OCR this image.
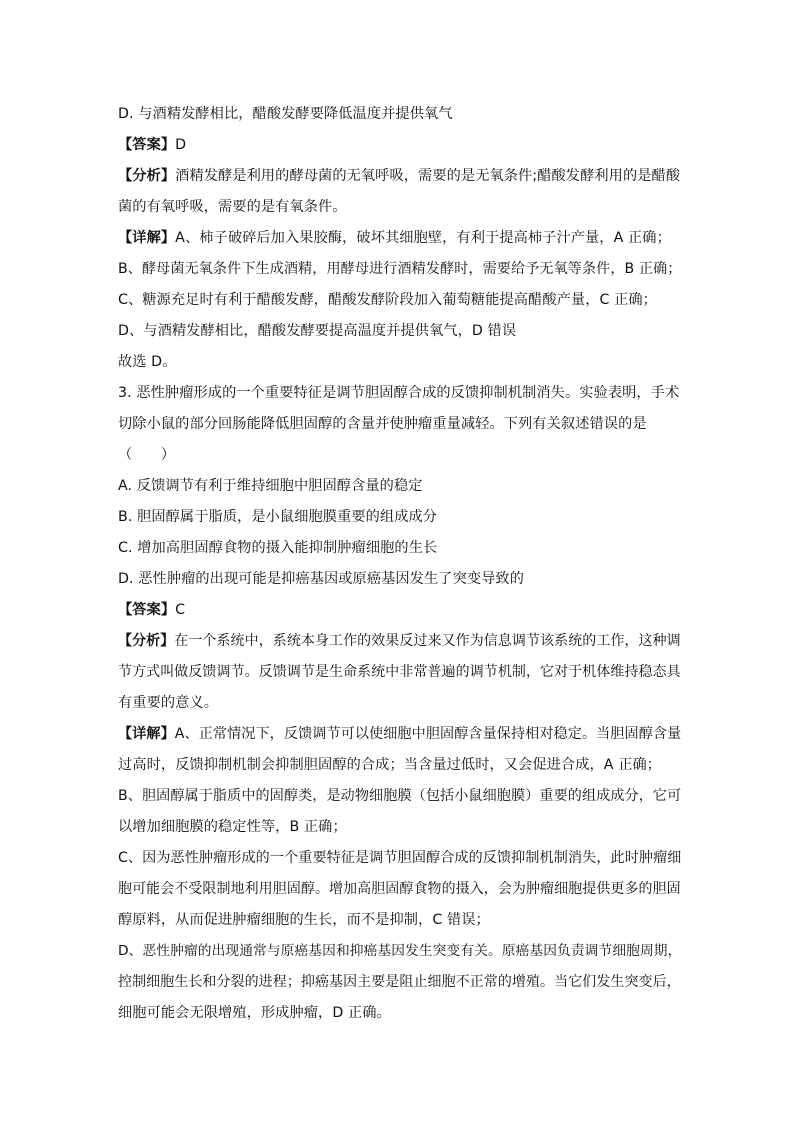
D. 与酒精发酵相比，醋酸发酵要降低温度并提供氧气

【答案】D

【分析】酒精发酵是利用的酵母菌的无氧呼吸，需要的是无氧条件;醋酸发酵利用的是醋酸

菌的有氧呼吸，需要的是有氧条件。

【详解】A、柿子破碎后加入果胶酶，破坏其细胞壁，有利于提高柿子汁产量，A 正确；

B、酵母菌无氧条件下生成酒精，用酵母进行酒精发酵时，需要给予无氧等条件，B 正确；

C、糖源充足时有利于醋酸发酵，醋酸发酵阶段加入葡萄糖能提高醋酸产量，C 正确；

D、与酒精发酵相比，醋酸发酵要提高温度并提供氧气，D 错误

故选 D。

3. 恶性肿瘤形成的一个重要特征是调节胆固醇合成的反馈抑制机制消失。实验表明，手术

切除小鼠的部分回肠能降低胆固醇的含量并使肿瘤重量减轻。下列有关叙述错误的是

（　　）

A. 反馈调节有利于维持细胞中胆固醇含量的稳定

B. 胆固醇属于脂质，是小鼠细胞膜重要的组成成分

C. 增加高胆固醇食物的摄入能抑制肿瘤细胞的生长

D. 恶性肿瘤的出现可能是抑癌基因或原癌基因发生了突变导致的

【答案】C

【分析】在一个系统中，系统本身工作的效果反过来又作为信息调节该系统的工作，这种调

节方式叫做反馈调节。反馈调节是生命系统中非常普遍的调节机制，它对于机体维持稳态具

有重要的意义。

【详解】A、正常情况下，反馈调节可以使细胞中胆固醇含量保持相对稳定。当胆固醇含量

过高时，反馈抑制机制会抑制胆固醇的合成；当含量过低时，又会促进合成，A 正确；

B、胆固醇属于脂质中的固醇类，是动物细胞膜（包括小鼠细胞膜）重要的组成成分，它可

以增加细胞膜的稳定性等，B 正确；

C、因为恶性肿瘤形成的一个重要特征是调节胆固醇合成的反馈抑制机制消失，此时肿瘤细

胞可能会不受限制地利用胆固醇。增加高胆固醇食物的摄入，会为肿瘤细胞提供更多的胆固

醇原料，从而促进肿瘤细胞的生长，而不是抑制，C 错误；

D、恶性肿瘤的出现通常与原癌基因和抑癌基因发生突变有关。原癌基因负责调节细胞周期，

控制细胞生长和分裂的进程；抑癌基因主要是阻止细胞不正常的增殖。当它们发生突变后，

细胞可能会无限增殖，形成肿瘤，D 正确。
